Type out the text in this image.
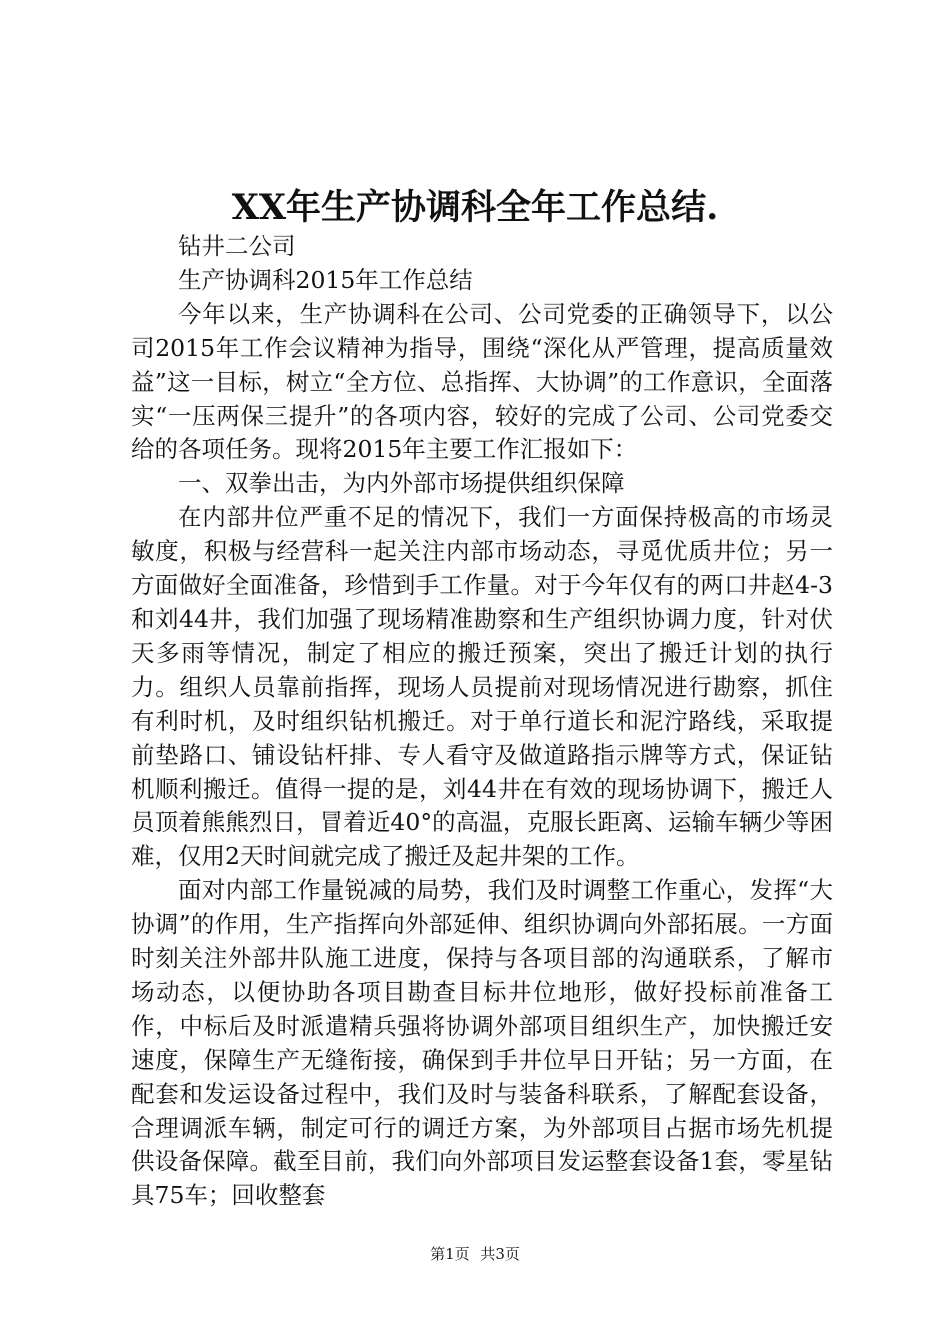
XX年生产协调科全年工作总结.

钻井二公司

生产协调科2015年工作总结

今年以来，生产协调科在公司、公司党委的正确领导下，以公司2015年工作会议精神为指导，围绕“深化从严管理，提高质量效益”这一目标，树立“全方位、总指挥、大协调”的工作意识，全面落实“一压两保三提升”的各项内容，较好的完成了公司、公司党委交给的各项任务。现将2015年主要工作汇报如下：

一、双拳出击，为内外部市场提供组织保障

在内部井位严重不足的情况下，我们一方面保持极高的市场灵敏度，积极与经营科一起关注内部市场动态，寻觅优质井位；另一方面做好全面准备，珍惜到手工作量。对于今年仅有的两口井赵4-3和刘44井，我们加强了现场精准勘察和生产组织协调力度，针对伏天多雨等情况，制定了相应的搬迁预案，突出了搬迁计划的执行力。组织人员靠前指挥，现场人员提前对现场情况进行勘察，抓住有利时机，及时组织钻机搬迁。对于单行道长和泥泞路线，采取提前垫路口、铺设钻杆排、专人看守及做道路指示牌等方式，保证钻机顺利搬迁。值得一提的是，刘44井在有效的现场协调下，搬迁人员顶着熊熊烈日，冒着近40°的高温，克服长距离、运输车辆少等困难，仅用2天时间就完成了搬迁及起井架的工作。

面对内部工作量锐减的局势，我们及时调整工作重心，发挥“大协调”的作用，生产指挥向外部延伸、组织协调向外部拓展。一方面时刻关注外部井队施工进度，保持与各项目部的沟通联系，了解市场动态，以便协助各项目勘查目标井位地形，做好投标前准备工作，中标后及时派遣精兵强将协调外部项目组织生产，加快搬迁安速度，保障生产无缝衔接，确保到手井位早日开钻；另一方面，在配套和发运设备过程中，我们及时与装备科联系，了解配套设备，合理调派车辆，制定可行的调迁方案，为外部项目占据市场先机提供设备保障。截至目前，我们向外部项目发运整套设备1套，零星钻具75车；回收整套

第1页 共3页
